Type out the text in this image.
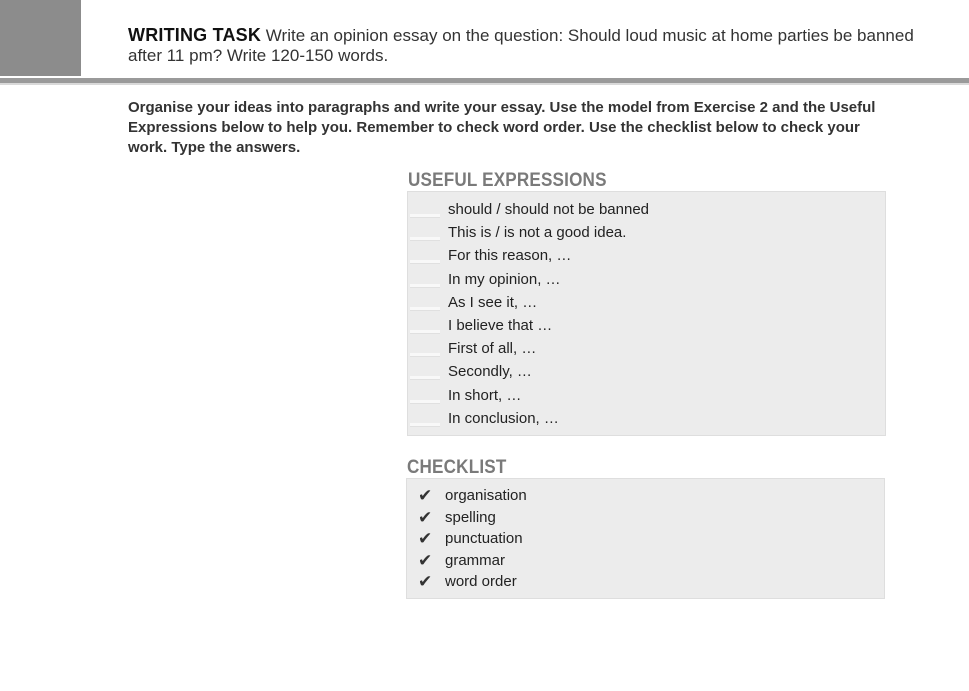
WRITING TASK Write an opinion essay on the question: Should loud music at home parties be banned after 11 pm? Write 120-150 words.
Organise your ideas into paragraphs and write your essay. Use the model from Exercise 2 and the Useful Expressions below to help you. Remember to check word order. Use the checklist below to check your work. Type the answers.
USEFUL EXPRESSIONS
should / should not be banned
This is / is not a good idea.
For this reason, …
In my opinion, …
As I see it, …
I believe that …
First of all, …
Secondly, …
In short, …
In conclusion, …
CHECKLIST
✔ organisation
✔ spelling
✔ punctuation
✔ grammar
✔ word order
